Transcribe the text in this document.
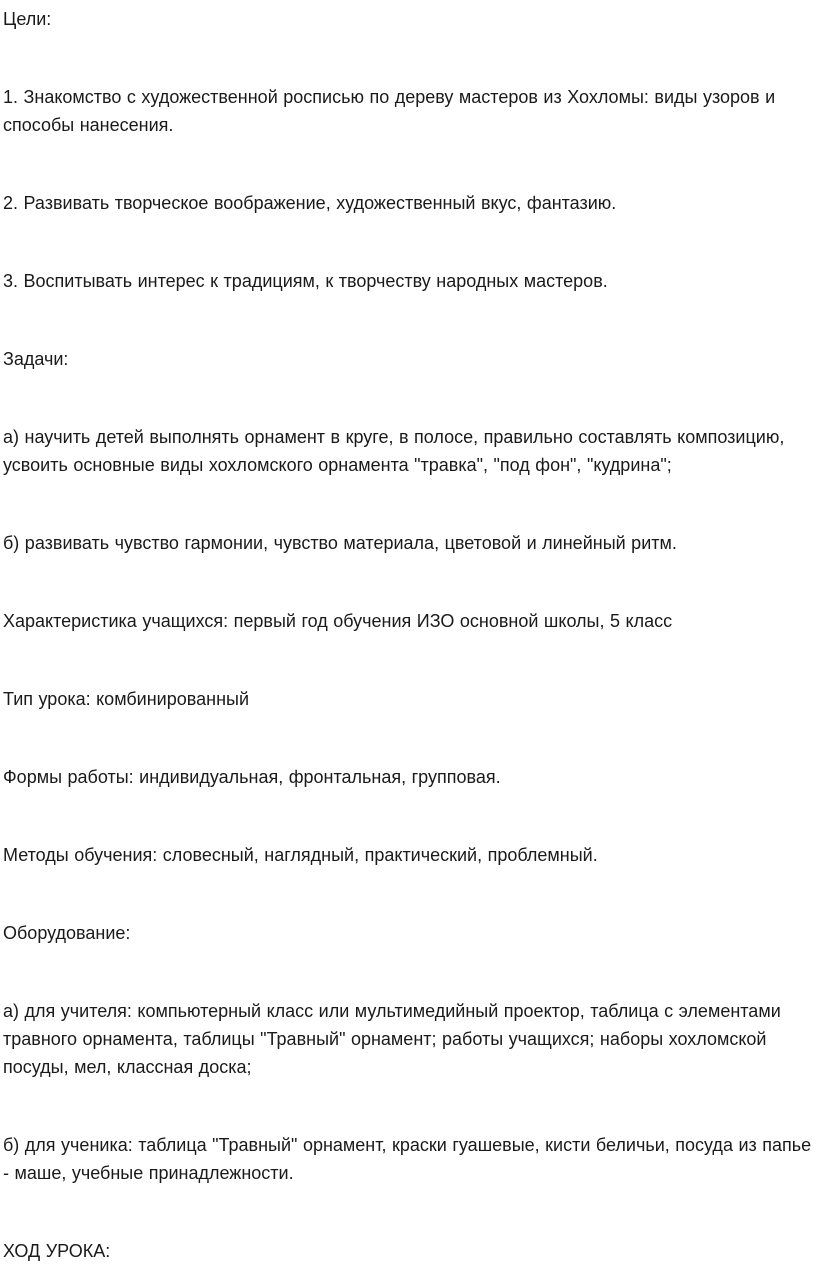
Цели:

1. Знакомство с художественной росписью по дереву мастеров из Хохломы: виды узоров и способы нанесения.

2. Развивать творческое воображение, художественный вкус, фантазию.

3. Воспитывать интерес к традициям, к творчеству народных мастеров.

Задачи:

а) научить детей выполнять орнамент в круге, в полосе, правильно составлять композицию, усвоить основные виды хохломского орнамента "травка", "под фон", "кудрина";

б) развивать чувство гармонии, чувство материала, цветовой и линейный ритм.

Характеристика учащихся: первый год обучения ИЗО основной школы, 5 класс

Тип урока: комбинированный

Формы работы: индивидуальная, фронтальная, групповая.

Методы обучения: словесный, наглядный, практический, проблемный.

Оборудование:

а) для учителя: компьютерный класс или мультимедийный проектор, таблица с элементами травного орнамента, таблицы "Травный" орнамент; работы учащихся; наборы хохломской посуды, мел, классная доска;

б) для ученика: таблица "Травный" орнамент, краски гуашевые, кисти беличьи, посуда из папье - маше, учебные принадлежности.

ХОД УРОКА:
